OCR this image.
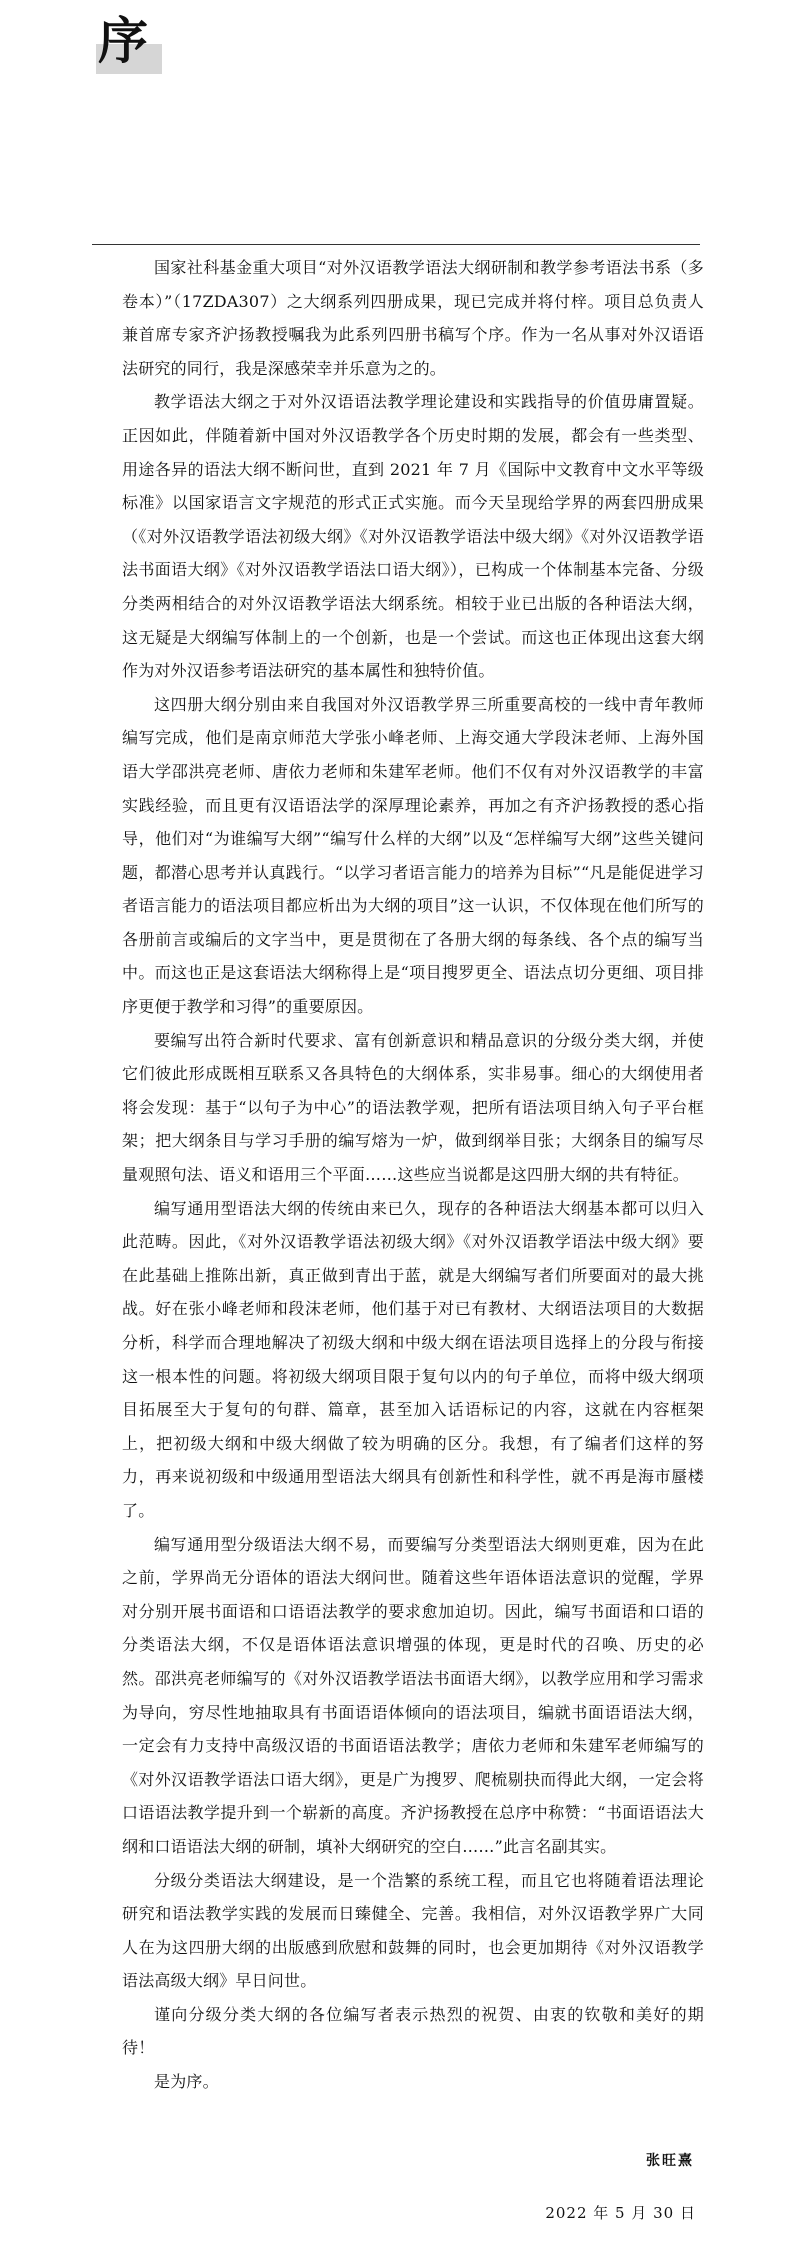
序

国家社科基金重大项目“对外汉语教学语法大纲研制和教学参考语法书系（多卷本）”（17ZDA307）之大纲系列四册成果，现已完成并将付梓。项目总负责人兼首席专家齐沪扬教授嘱我为此系列四册书稿写个序。作为一名从事对外汉语语法研究的同行，我是深感荣幸并乐意为之的。

教学语法大纲之于对外汉语语法教学理论建设和实践指导的价值毋庸置疑。正因如此，伴随着新中国对外汉语教学各个历史时期的发展，都会有一些类型、用途各异的语法大纲不断问世，直到 2021 年 7 月《国际中文教育中文水平等级标准》以国家语言文字规范的形式正式实施。而今天呈现给学界的两套四册成果（《对外汉语教学语法初级大纲》《对外汉语教学语法中级大纲》《对外汉语教学语法书面语大纲》《对外汉语教学语法口语大纲》），已构成一个体制基本完备、分级分类两相结合的对外汉语教学语法大纲系统。相较于业已出版的各种语法大纲，这无疑是大纲编写体制上的一个创新，也是一个尝试。而这也正体现出这套大纲作为对外汉语参考语法研究的基本属性和独特价值。

这四册大纲分别由来自我国对外汉语教学界三所重要高校的一线中青年教师编写完成，他们是南京师范大学张小峰老师、上海交通大学段沫老师、上海外国语大学邵洪亮老师、唐依力老师和朱建军老师。他们不仅有对外汉语教学的丰富实践经验，而且更有汉语语法学的深厚理论素养，再加之有齐沪扬教授的悉心指导，他们对“为谁编写大纲”“编写什么样的大纲”以及“怎样编写大纲”这些关键问题，都潜心思考并认真践行。“以学习者语言能力的培养为目标”“凡是能促进学习者语言能力的语法项目都应析出为大纲的项目”这一认识，不仅体现在他们所写的各册前言或编后的文字当中，更是贯彻在了各册大纲的每条线、各个点的编写当中。而这也正是这套语法大纲称得上是“项目搜罗更全、语法点切分更细、项目排序更便于教学和习得”的重要原因。

要编写出符合新时代要求、富有创新意识和精品意识的分级分类大纲，并使它们彼此形成既相互联系又各具特色的大纲体系，实非易事。细心的大纲使用者将会发现：基于“以句子为中心”的语法教学观，把所有语法项目纳入句子平台框架；把大纲条目与学习手册的编写熔为一炉，做到纲举目张；大纲条目的编写尽量观照句法、语义和语用三个平面……这些应当说都是这四册大纲的共有特征。

编写通用型语法大纲的传统由来已久，现存的各种语法大纲基本都可以归入此范畴。因此，《对外汉语教学语法初级大纲》《对外汉语教学语法中级大纲》要在此基础上推陈出新，真正做到青出于蓝，就是大纲编写者们所要面对的最大挑战。好在张小峰老师和段沫老师，他们基于对已有教材、大纲语法项目的大数据分析，科学而合理地解决了初级大纲和中级大纲在语法项目选择上的分段与衔接这一根本性的问题。将初级大纲项目限于复句以内的句子单位，而将中级大纲项目拓展至大于复句的句群、篇章，甚至加入话语标记的内容，这就在内容框架上，把初级大纲和中级大纲做了较为明确的区分。我想，有了编者们这样的努力，再来说初级和中级通用型语法大纲具有创新性和科学性，就不再是海市蜃楼了。

编写通用型分级语法大纲不易，而要编写分类型语法大纲则更难，因为在此之前，学界尚无分语体的语法大纲问世。随着这些年语体语法意识的觉醒，学界对分别开展书面语和口语语法教学的要求愈加迫切。因此，编写书面语和口语的分类语法大纲，不仅是语体语法意识增强的体现，更是时代的召唤、历史的必然。邵洪亮老师编写的《对外汉语教学语法书面语大纲》，以教学应用和学习需求为导向，穷尽性地抽取具有书面语语体倾向的语法项目，编就书面语语法大纲，一定会有力支持中高级汉语的书面语语法教学；唐依力老师和朱建军老师编写的《对外汉语教学语法口语大纲》，更是广为搜罗、爬梳剔抉而得此大纲，一定会将口语语法教学提升到一个崭新的高度。齐沪扬教授在总序中称赞：“书面语语法大纲和口语语法大纲的研制，填补大纲研究的空白……”此言名副其实。

分级分类语法大纲建设，是一个浩繁的系统工程，而且它也将随着语法理论研究和语法教学实践的发展而日臻健全、完善。我相信，对外汉语教学界广大同人在为这四册大纲的出版感到欣慰和鼓舞的同时，也会更加期待《对外汉语教学语法高级大纲》早日问世。

谨向分级分类大纲的各位编写者表示热烈的祝贺、由衷的钦敬和美好的期待！

是为序。

张旺熹
2022 年 5 月 30 日
